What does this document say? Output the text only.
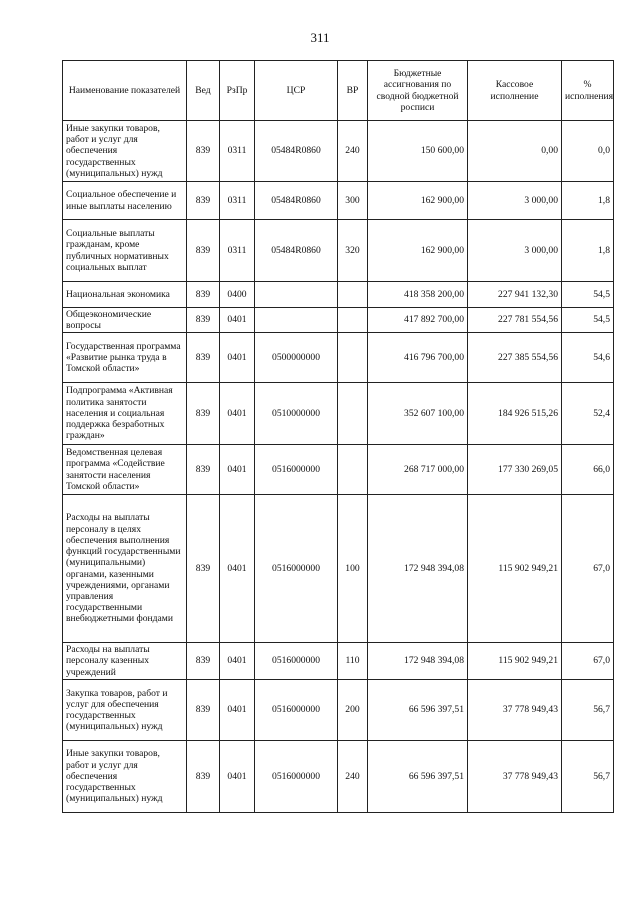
311
Наименование показателей	Вед	РзПр	ЦСР	ВР	Бюджетные ассигнования по сводной бюджетной росписи	Кассовое исполнение	% исполнения
Иные закупки товаров, работ и услуг для обеспечения государственных (муниципальных) нужд	839	0311	05484R0860	240	150 600,00	0,00	0,0
Социальное обеспечение и иные выплаты населению	839	0311	05484R0860	300	162 900,00	3 000,00	1,8
Социальные выплаты гражданам, кроме публичных нормативных социальных выплат	839	0311	05484R0860	320	162 900,00	3 000,00	1,8
Национальная экономика	839	0400			418 358 200,00	227 941 132,30	54,5
Общеэкономические вопросы	839	0401			417 892 700,00	227 781 554,56	54,5
Государственная программа «Развитие рынка труда в Томской области»	839	0401	0500000000		416 796 700,00	227 385 554,56	54,6
Подпрограмма «Активная политика занятости населения и социальная поддержка безработных граждан»	839	0401	0510000000		352 607 100,00	184 926 515,26	52,4
Ведомственная целевая программа «Содействие занятости населения Томской области»	839	0401	0516000000		268 717 000,00	177 330 269,05	66,0
Расходы на выплаты персоналу в целях обеспечения выполнения функций государственными (муниципальными) органами, казенными учреждениями, органами управления государственными внебюджетными фондами	839	0401	0516000000	100	172 948 394,08	115 902 949,21	67,0
Расходы на выплаты персоналу казенных учреждений	839	0401	0516000000	110	172 948 394,08	115 902 949,21	67,0
Закупка товаров, работ и услуг для обеспечения государственных (муниципальных) нужд	839	0401	0516000000	200	66 596 397,51	37 778 949,43	56,7
Иные закупки товаров, работ и услуг для обеспечения государственных (муниципальных) нужд	839	0401	0516000000	240	66 596 397,51	37 778 949,43	56,7
